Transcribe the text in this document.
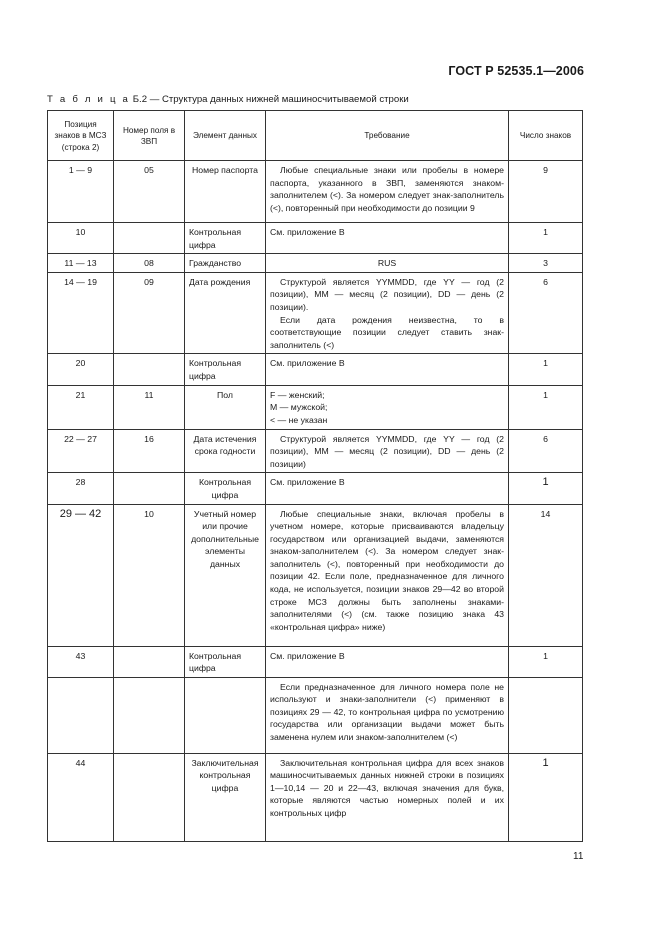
ГОСТ Р 52535.1—2006
Т а б л и ц а Б.2 — Структура данных нижней машиносчитываемой строки
Позиция знаков в МСЗ (строка 2)	Номер поля в ЗВП	Элемент данных	Требование	Число знаков
1 — 9	05	Номер паспорта	Любые специальные знаки или пробелы в номере паспорта, указанного в ЗВП, заменяются знаком-заполнителем (<). За номером следует знак-заполнитель (<), повторенный при необходимости до позиции 9	9
10		Контрольная цифра	См. приложение В	1
11 — 13	08	Гражданство	RUS	3
14 — 19	09	Дата рождения	Структурой является YYMMDD, где YY — год (2 позиции), MM — месяц (2 позиции), DD — день (2 позиции).
Если дата рождения неизвестна, то в соответствующие позиции следует ставить знак-заполнитель (<)	6
20		Контрольная цифра	См. приложение В	1
21	11	Пол	F — женский;
M — мужской;
< — не указан	1
22 — 27	16	Дата истечения срока годности	Структурой является YYMMDD, где YY — год (2 позиции), MM — месяц (2 позиции), DD — день (2 позиции)	6
28		Контрольная цифра	См. приложение В	1
29 — 42	10	Учетный номер или прочие дополнительные элементы данных	Любые специальные знаки, включая пробелы в учетном номере, которые присваиваются владельцу государством или организацией выдачи, заменяются знаком-заполнителем (<). За номером следует знак-заполнитель (<), повторенный при необходимости до позиции 42. Если поле, предназначенное для личного кода, не используется, позиции знаков 29—42 во второй строке МСЗ должны быть заполнены знаками-заполнителями (<) (см. также позицию знака 43 «контрольная цифра» ниже)	14
43		Контрольная цифра	См. приложение В	1

			Если предназначенное для личного номера поле не используют и знаки-заполнители (<) применяют в позициях 29 — 42, то контрольная цифра по усмотрению государства или организации выдачи может быть заменена нулем или знаком-заполнителем (<)	

44		Заключительная контрольная цифра	Заключительная контрольная цифра для всех знаков машиносчитываемых данных нижней строки в позициях 1—10,14 — 20 и 22—43, включая значения для букв, которые являются частью номерных полей и их контрольных цифр	1
11
